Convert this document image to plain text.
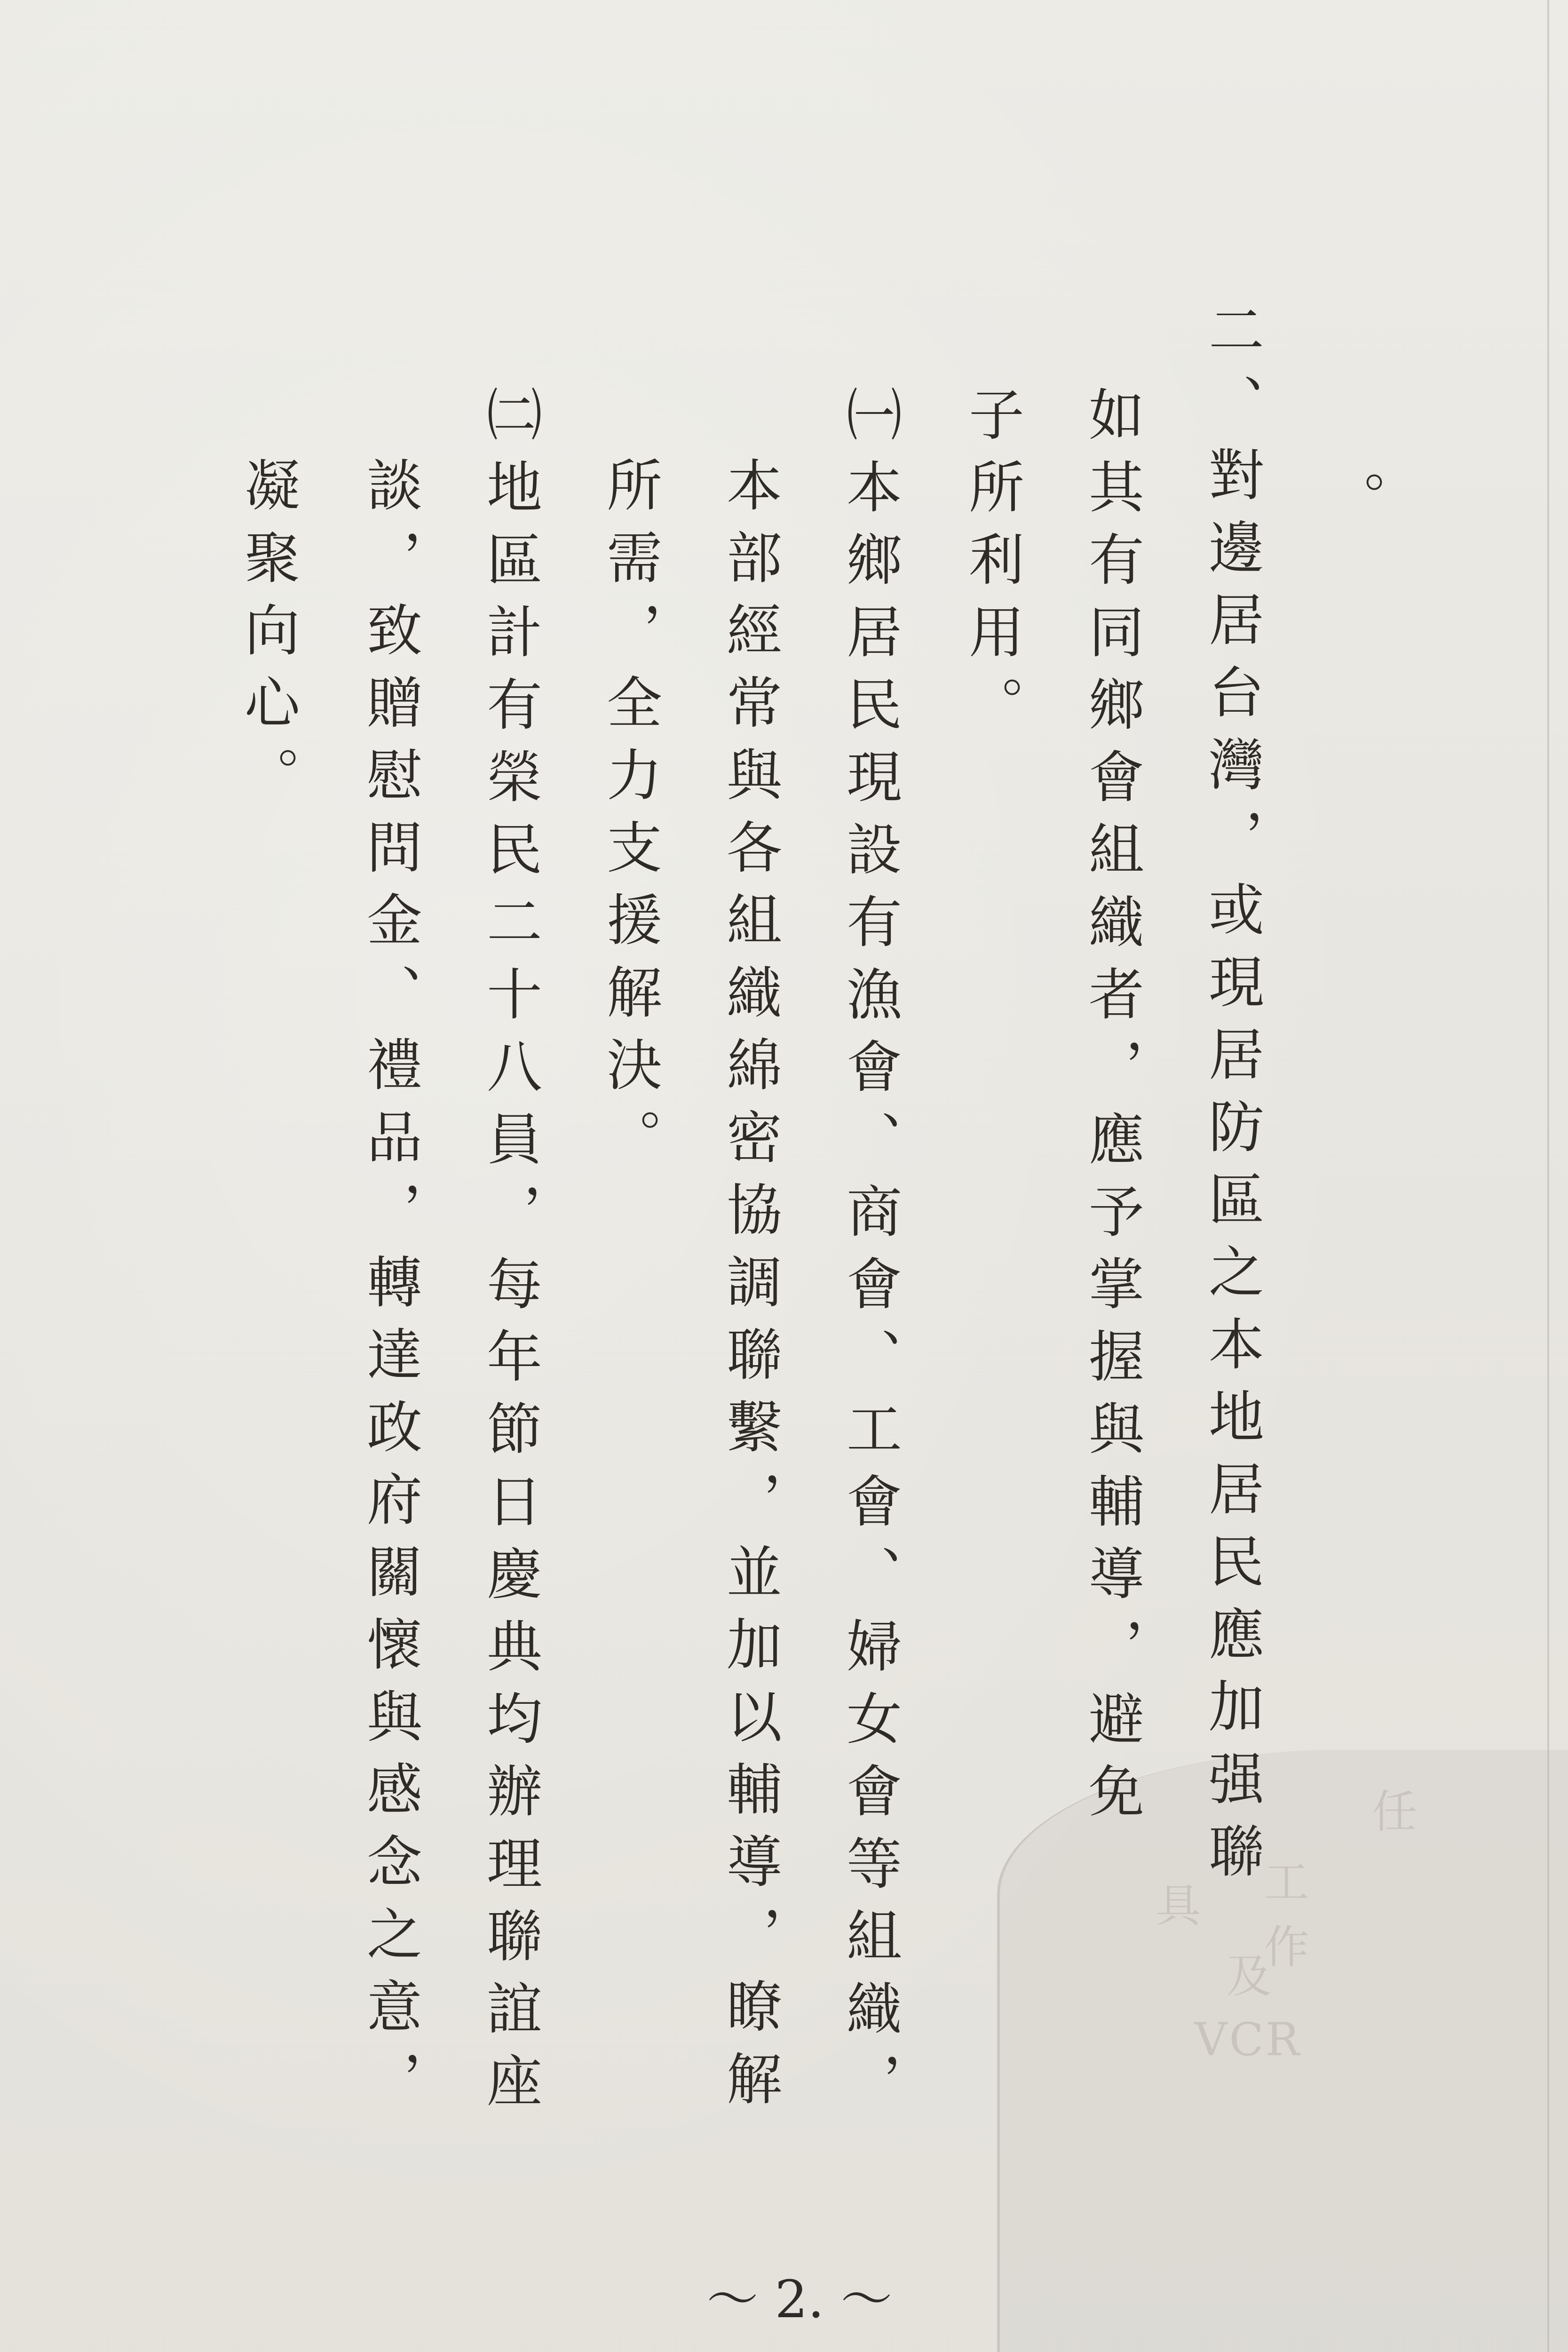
。
二、對邊居台灣，或現居防區之本地居民應加强聯
如其有同鄉會組織者，應予掌握與輔導，避免
子所利用。
㈠本鄉居民現設有漁會、商會、工會、婦女會等組織，
本部經常與各組織綿密協調聯繫，並加以輔導，瞭解
所需，全力支援解決。
㈡地區計有榮民二十八員，每年節日慶典均辦理聯誼座
談，致贈慰問金、禮品，轉達政府關懷與感念之意，
凝聚向心。
任
工作
具
及
VCR
～ 2. ～
